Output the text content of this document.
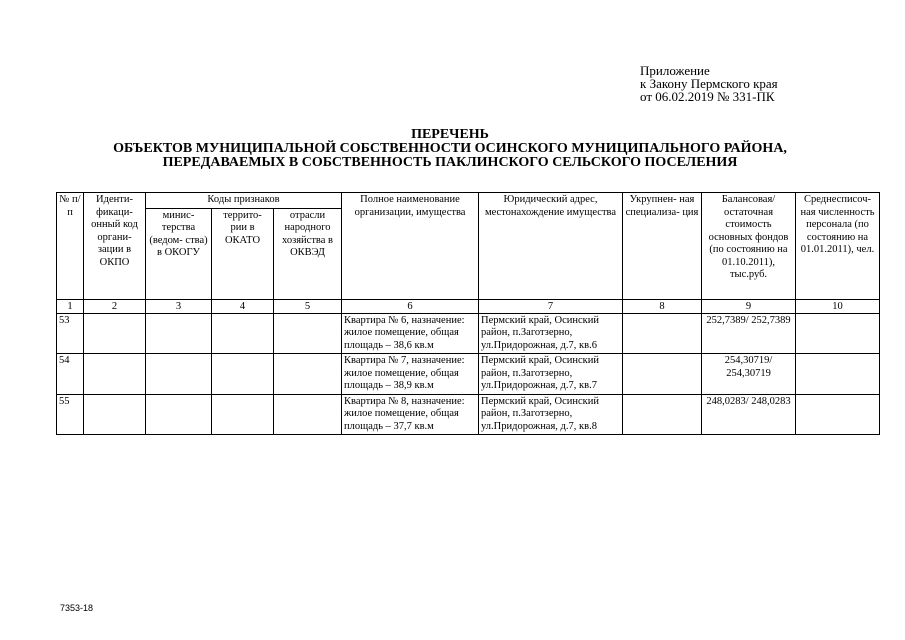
Приложение
к Закону Пермского края
от 06.02.2019 № 331-ПК
ПЕРЕЧЕНЬ
ОБЪЕКТОВ МУНИЦИПАЛЬНОЙ СОБСТВЕННОСТИ ОСИНСКОГО МУНИЦИПАЛЬНОГО РАЙОНА,
ПЕРЕДАВАЕМЫХ В СОБСТВЕННОСТЬ ПАКЛИНСКОГО СЕЛЬСКОГО ПОСЕЛЕНИЯ
№ п/п	Иденти- фикаци- онный код органи- зации в ОКПО	Коды признаков			Полное наименование организации, имущества	Юридический адрес, местонахождение имущества	Укрупнен- ная специализа- ция	Балансовая/ остаточная стоимость основных фондов (по состоянию на 01.10.2011), тыс.руб.	Среднесписоч- ная численность персонала (по состоянию на 01.01.2011), чел.
		минис- терства (ведом- ства) в ОКОГУ	террито- рии в ОКАТО	отрасли народного хозяйства в ОКВЭД					
1	2	3	4	5	6	7	8	9	10
53					Квартира № 6, назначение: жилое помещение, общая площадь – 38,6 кв.м	Пермский край, Осинский район, п.Заготзерно, ул.Придорожная, д.7, кв.6		252,7389/ 252,7389	
54					Квартира № 7, назначение: жилое помещение, общая площадь – 38,9 кв.м	Пермский край, Осинский район, п.Заготзерно, ул.Придорожная, д.7, кв.7		254,30719/ 254,30719	
55					Квартира № 8, назначение: жилое помещение, общая площадь – 37,7 кв.м	Пермский край, Осинский район, п.Заготзерно, ул.Придорожная, д.7, кв.8		248,0283/ 248,0283	
7353-18
